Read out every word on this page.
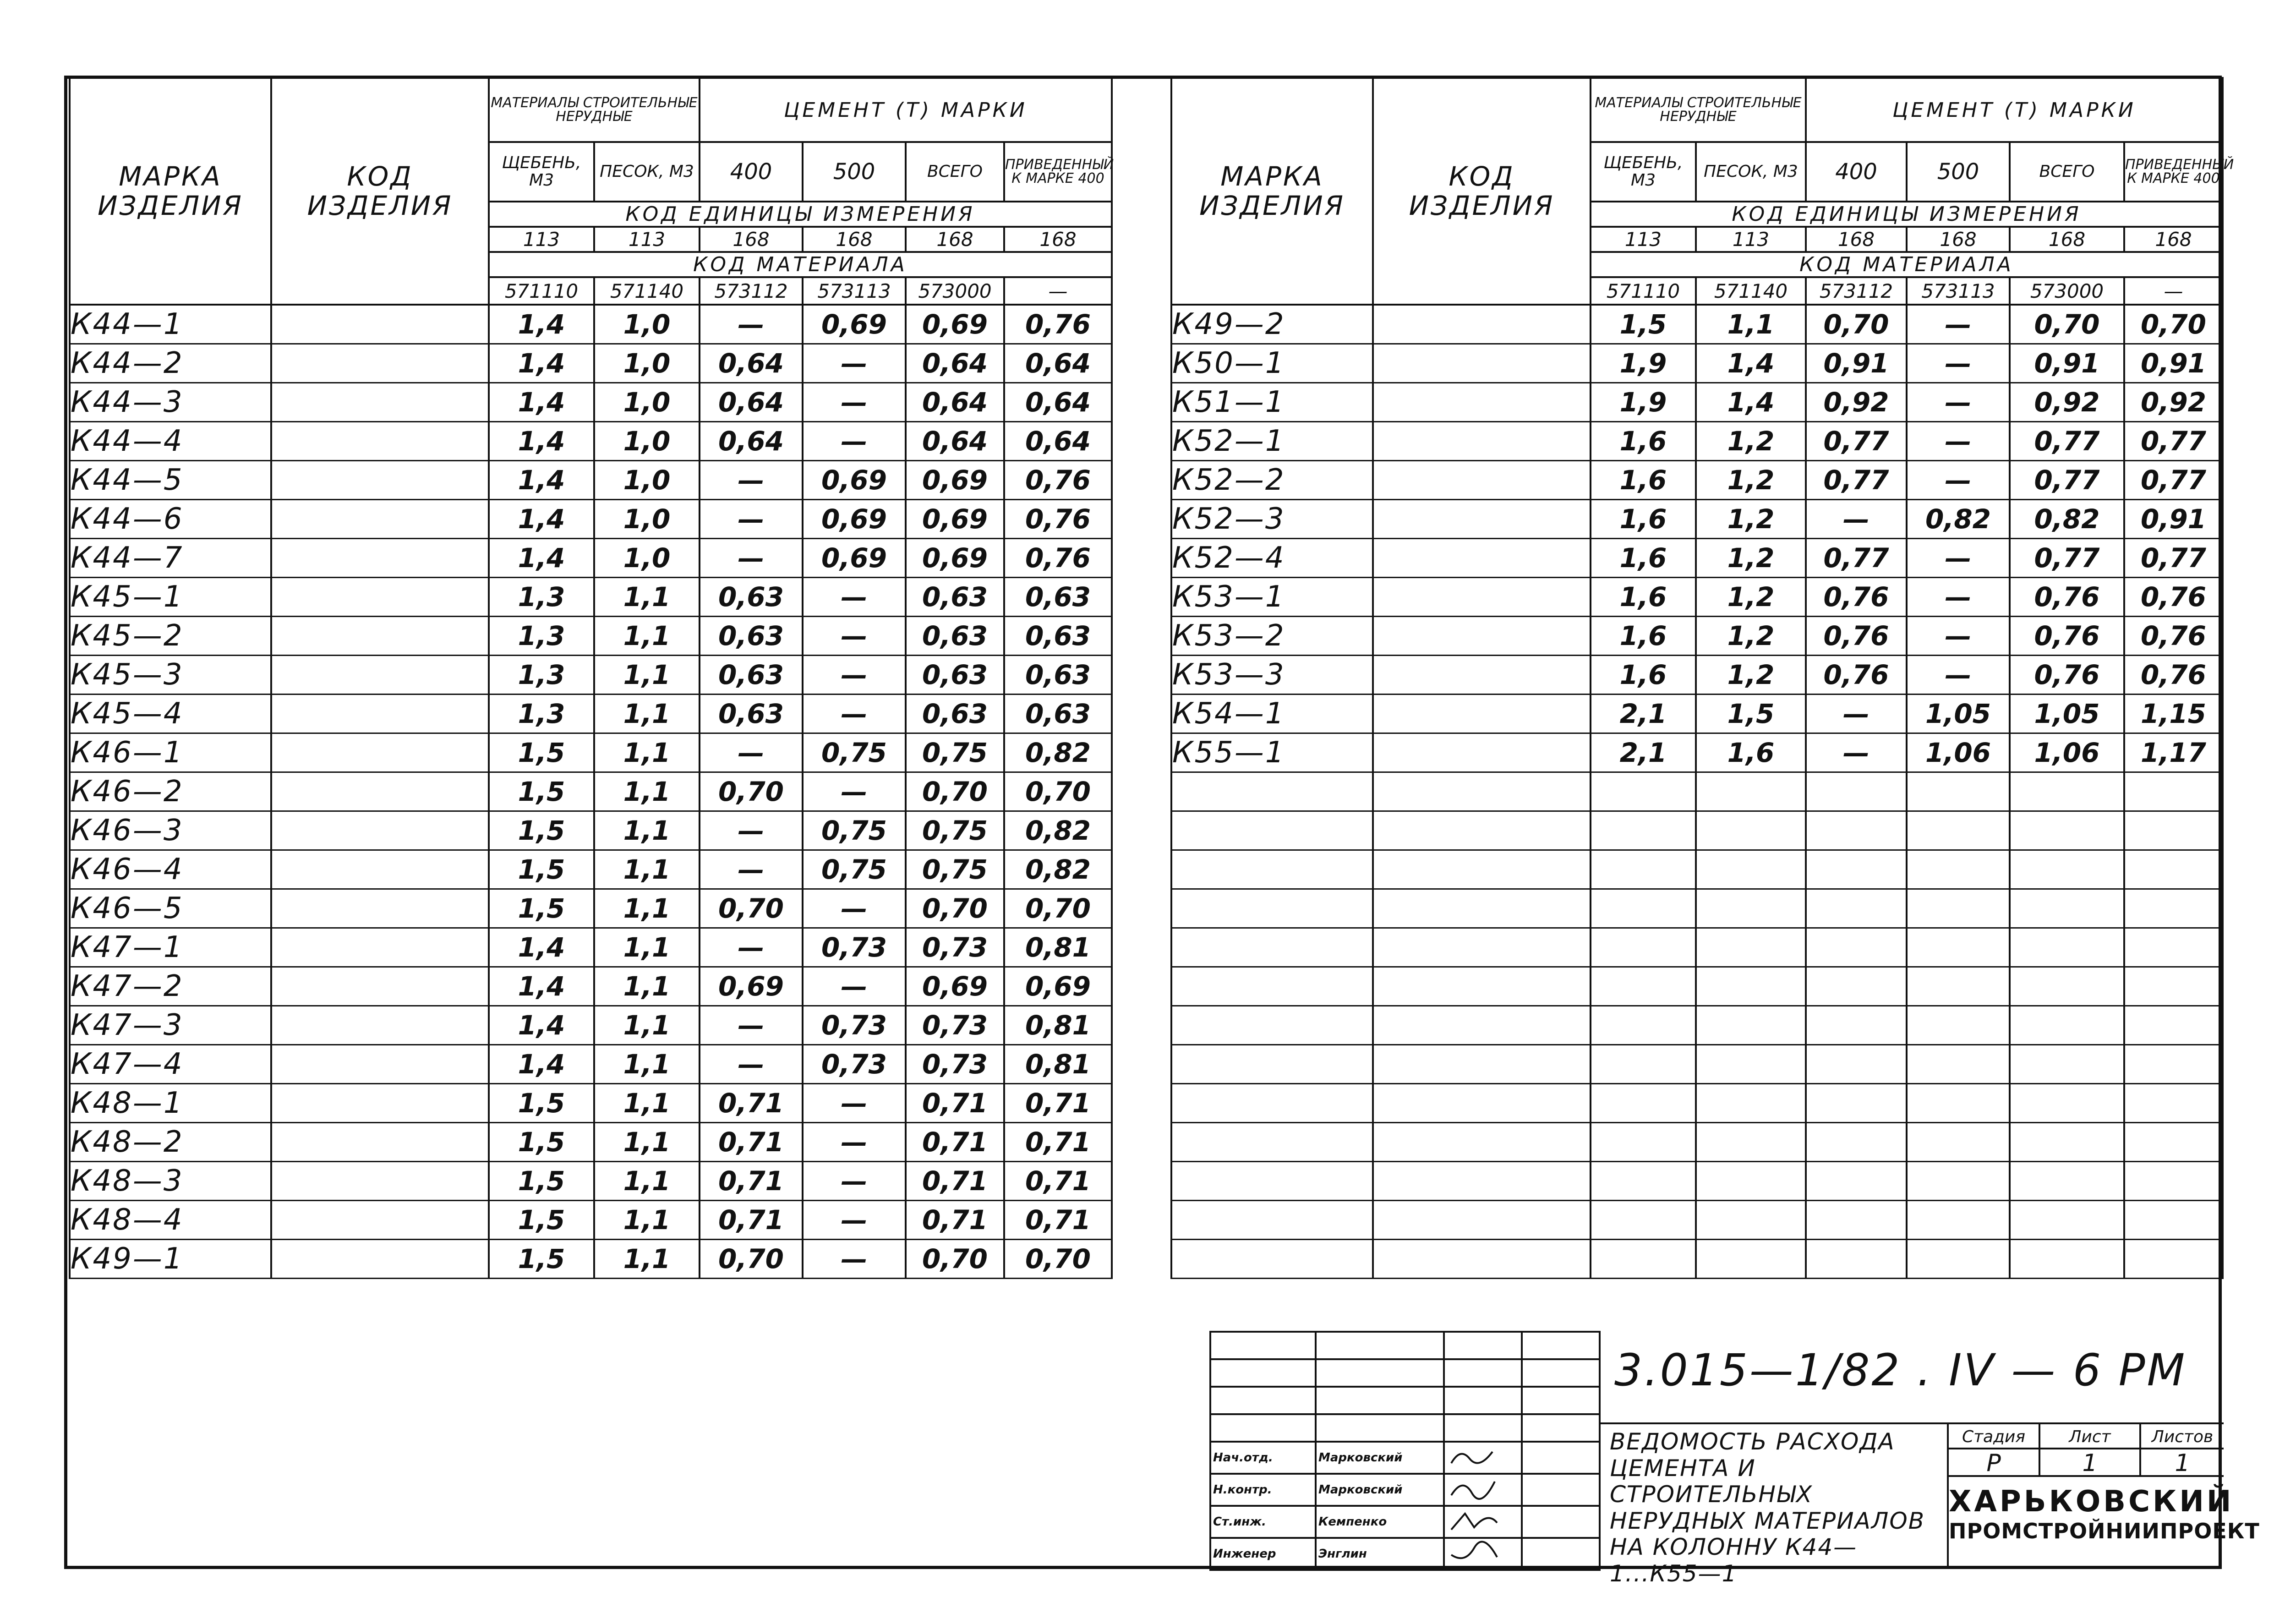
МАРКА ИЗДЕЛИЯ	КОД ИЗДЕЛИЯ	МАТЕРИАЛЫ СТРОИТЕЛЬНЫЕ НЕРУДНЫЕ		ЦЕМЕНТ (Т) МАРКИ			
		ЩЕБЕНЬ, М3	ПЕСОК, М3	400	500	ВСЕГО	ПРИВЕДЕННЫЙ К МАРКЕ 400
		КОД ЕДИНИЦЫ ИЗМЕРЕНИЯ					
		113	113	168	168	168	168
		КОД МАТЕРИАЛА					
		571110	571140	573112	573113	573000	—
К44—1		1,4	1,0	—	0,69	0,69	0,76
К44—2		1,4	1,0	0,64	—	0,64	0,64
К44—3		1,4	1,0	0,64	—	0,64	0,64
К44—4		1,4	1,0	0,64	—	0,64	0,64
К44—5		1,4	1,0	—	0,69	0,69	0,76
К44—6		1,4	1,0	—	0,69	0,69	0,76
К44—7		1,4	1,0	—	0,69	0,69	0,76
К45—1		1,3	1,1	0,63	—	0,63	0,63
К45—2		1,3	1,1	0,63	—	0,63	0,63
К45—3		1,3	1,1	0,63	—	0,63	0,63
К45—4		1,3	1,1	0,63	—	0,63	0,63
К46—1		1,5	1,1	—	0,75	0,75	0,82
К46—2		1,5	1,1	0,70	—	0,70	0,70
К46—3		1,5	1,1	—	0,75	0,75	0,82
К46—4		1,5	1,1	—	0,75	0,75	0,82
К46—5		1,5	1,1	0,70	—	0,70	0,70
К47—1		1,4	1,1	—	0,73	0,73	0,81
К47—2		1,4	1,1	0,69	—	0,69	0,69
К47—3		1,4	1,1	—	0,73	0,73	0,81
К47—4		1,4	1,1	—	0,73	0,73	0,81
К48—1		1,5	1,1	0,71	—	0,71	0,71
К48—2		1,5	1,1	0,71	—	0,71	0,71
К48—3		1,5	1,1	0,71	—	0,71	0,71
К48—4		1,5	1,1	0,71	—	0,71	0,71
К49—1		1,5	1,1	0,70	—	0,70	0,70
МАРКА ИЗДЕЛИЯ	КОД ИЗДЕЛИЯ	МАТЕРИАЛЫ СТРОИТЕЛЬНЫЕ НЕРУДНЫЕ		ЦЕМЕНТ (Т) МАРКИ			
		ЩЕБЕНЬ, М3	ПЕСОК, М3	400	500	ВСЕГО	ПРИВЕДЕННЫЙ К МАРКЕ 400
		КОД ЕДИНИЦЫ ИЗМЕРЕНИЯ					
		113	113	168	168	168	168
		КОД МАТЕРИАЛА					
		571110	571140	573112	573113	573000	—
К49—2		1,5	1,1	0,70	—	0,70	0,70
К50—1		1,9	1,4	0,91	—	0,91	0,91
К51—1		1,9	1,4	0,92	—	0,92	0,92
К52—1		1,6	1,2	0,77	—	0,77	0,77
К52—2		1,6	1,2	0,77	—	0,77	0,77
К52—3		1,6	1,2	—	0,82	0,82	0,91
К52—4		1,6	1,2	0,77	—	0,77	0,77
К53—1		1,6	1,2	0,76	—	0,76	0,76
К53—2		1,6	1,2	0,76	—	0,76	0,76
К53—3		1,6	1,2	0,76	—	0,76	0,76
К54—1		2,1	1,5	—	1,05	1,05	1,15
К55—1		2,1	1,6	—	1,06	1,06	1,17

Нач.отд.	Марковский		
Н.контр.	Марковский		
Ст.инж.	Кемпенко		
Инженер	Энглин		
3.015—1/82 . IV — 6 РМ
ВЕДОМОСТЬ РАСХОДА ЦЕМЕНТА И СТРОИТЕЛЬНЫХ НЕРУДНЫХ МАТЕРИАЛОВ НА КОЛОННУ К44—1...К55—1
Стадия	Лист	Листов
Р	1	1
ХАРЬКОВСКИЙ
ПРОМСТРОЙНИИПРОЕКТ
